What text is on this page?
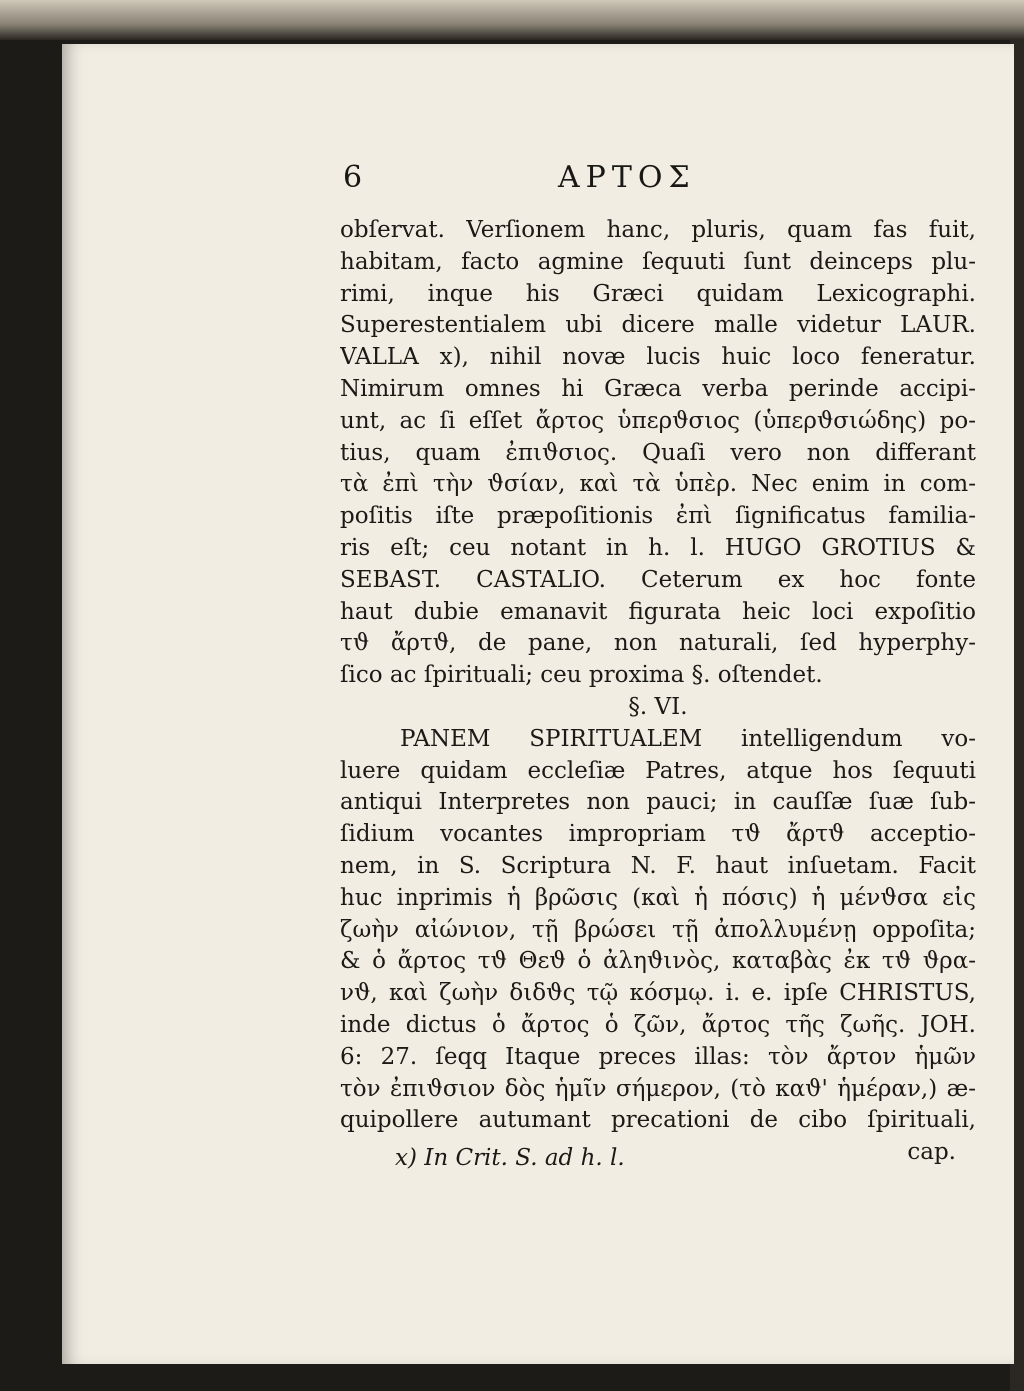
6	ΑΡΤΟΣ
obſervat. Verſionem hanc, pluris, quam fas fuit,
habitam, facto agmine ſequuti ſunt deinceps plu-
rimi, inque his Græci quidam Lexicographi.
Superestentialem ubi dicere malle videtur LAUR.
VALLA x), nihil novæ lucis huic loco feneratur.
Nimirum omnes hi Græca verba perinde accipi-
unt, ac ſi eſſet ἄρτος ὑπερϑσιος (ὑπερϑσιώδης) po-
tius, quam ἐπιϑσιος. Quaſi vero non differant
τὰ ἐπὶ τὴν ϑσίαν, καὶ τὰ ὑπὲρ. Nec enim in com-
poſitis iſte præpoſitionis ἐπὶ ſignificatus familia-
ris eſt; ceu notant in h. l. HUGO GROTIUS &
SEBAST. CASTALIO. Ceterum ex hoc fonte
haut dubie emanavit figurata heic loci expoſitio
τϑ ἄρτϑ, de pane, non naturali, ſed hyperphy-
ſico ac ſpirituali; ceu proxima §. oſtendet.
§. VI.
PANEM SPIRITUALEM intelligendum vo-
luere quidam eccleſiæ Patres, atque hos ſequuti
antiqui Interpretes non pauci; in cauſſæ ſuæ ſub-
ſidium vocantes impropriam τϑ ἄρτϑ acceptio-
nem, in S. Scriptura N. F. haut inſuetam. Facit
huc inprimis ἡ βρῶσις (καὶ ἡ πόσις) ἡ μένϑσα εἰς
ζωὴν αἰώνιον, τῇ βρώσει τῇ ἀπολλυμένῃ oppoſita;
& ὁ ἄρτος τϑ Θεϑ ὁ ἀληϑινὸς, καταβὰς ἐκ τϑ ϑρα-
νϑ, καὶ ζωὴν διδϑς τῷ κόσμῳ. i. e. ipſe CHRISTUS,
inde dictus ὁ ἄρτος ὁ ζῶν, ἄρτος τῆς ζωῆς. JOH.
6: 27. ſeqq Itaque preces illas: τὸν ἄρτον ἡμῶν
τὸν ἐπιϑσιον δὸς ἡμῖν σήμερον, (τὸ καϑ' ἡμέραν,) æ-
quipollere autumant precationi de cibo ſpirituali,
cap.
x) In Crit. S. ad h. l.
